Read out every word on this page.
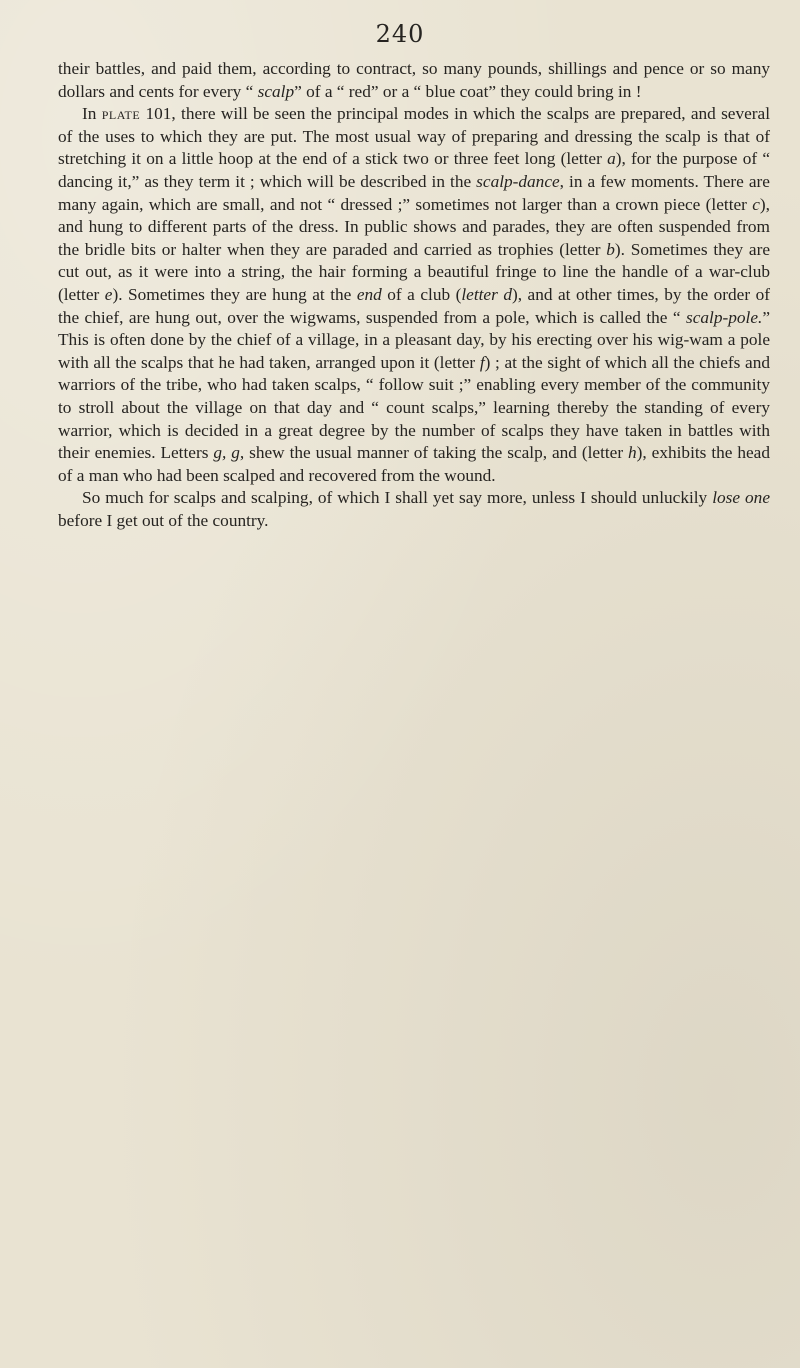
240

their battles, and paid them, according to contract, so many pounds, shillings and pence or so many dollars and cents for every “ scalp” of a “ red” or a “ blue coat” they could bring in !

In plate 101, there will be seen the principal modes in which the scalps are prepared, and several of the uses to which they are put. The most usual way of preparing and dressing the scalp is that of stretching it on a little hoop at the end of a stick two or three feet long (letter a), for the purpose of “ dancing it,” as they term it ; which will be described in the scalp-dance, in a few moments. There are many again, which are small, and not “ dressed ;” sometimes not larger than a crown piece (letter c), and hung to different parts of the dress. In public shows and parades, they are often suspended from the bridle bits or halter when they are paraded and carried as trophies (letter b). Sometimes they are cut out, as it were into a string, the hair forming a beautiful fringe to line the handle of a war-club (letter e). Sometimes they are hung at the end of a club (letter d), and at other times, by the order of the chief, are hung out, over the wigwams, suspended from a pole, which is called the “ scalp-pole.” This is often done by the chief of a village, in a pleasant day, by his erecting over his wig-wam a pole with all the scalps that he had taken, arranged upon it (letter f) ; at the sight of which all the chiefs and warriors of the tribe, who had taken scalps, “ follow suit ;” enabling every member of the community to stroll about the village on that day and “ count scalps,” learning thereby the standing of every warrior, which is decided in a great degree by the number of scalps they have taken in battles with their enemies. Letters g, g, shew the usual manner of taking the scalp, and (letter h), exhibits the head of a man who had been scalped and recovered from the wound.

So much for scalps and scalping, of which I shall yet say more, unless I should unluckily lose one before I get out of the country.
